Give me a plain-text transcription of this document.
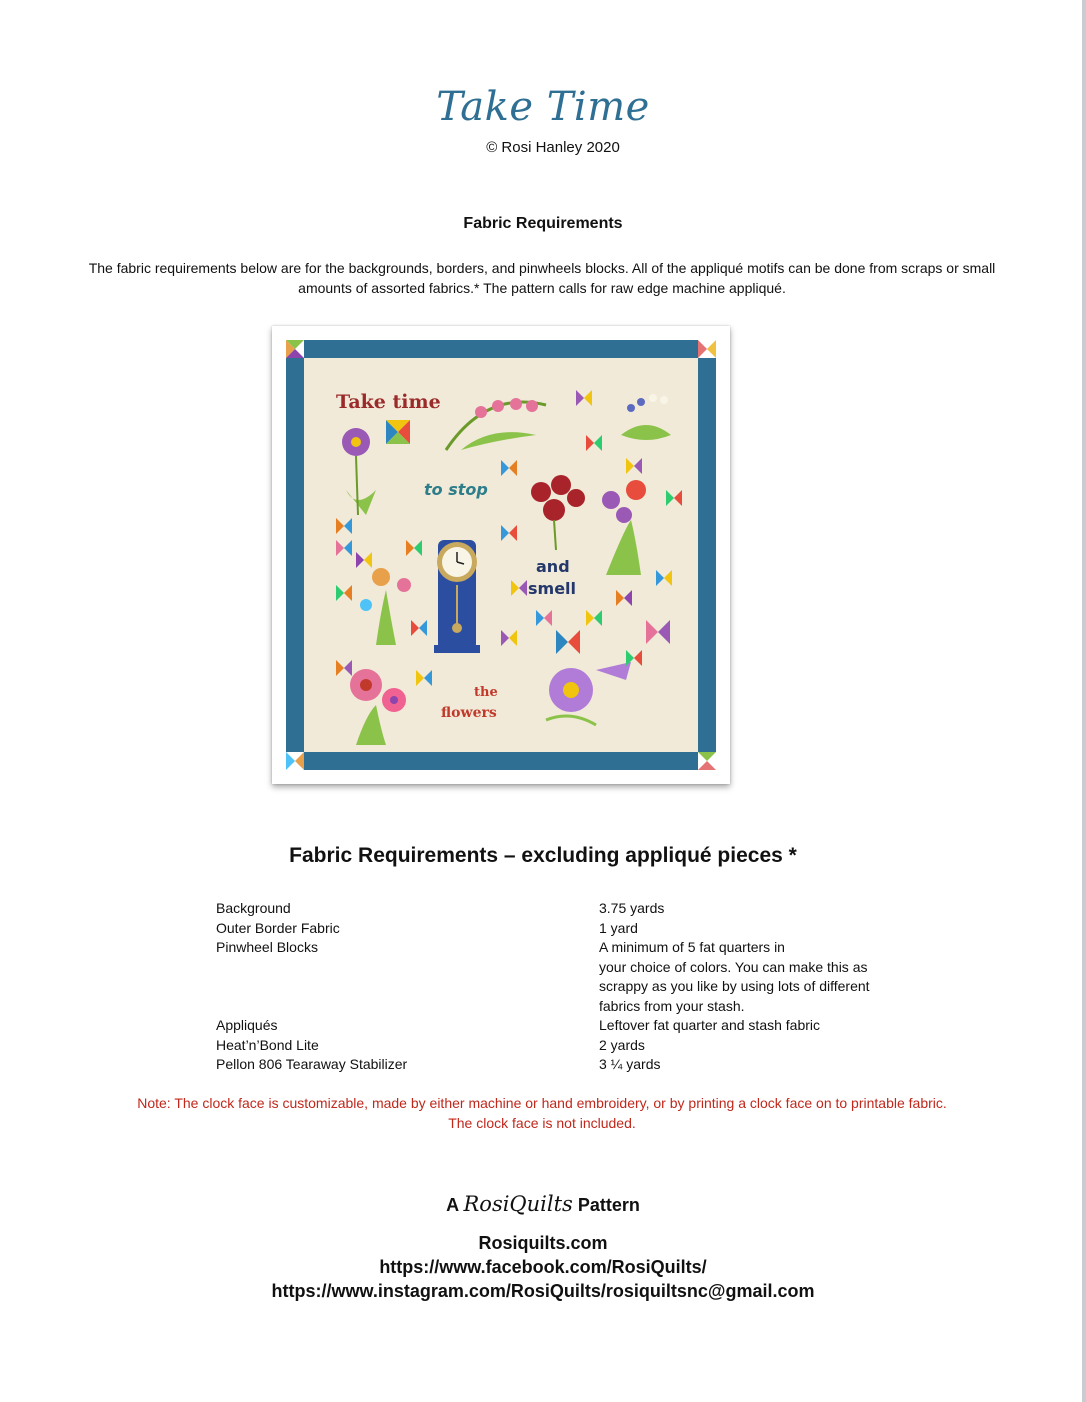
Take Time
© Rosi Hanley 2020
Fabric Requirements
The fabric requirements below are for the backgrounds, borders, and pinwheels blocks. All of the appliqué motifs can be done from scraps or small amounts of assorted fabrics.* The pattern calls for raw edge machine appliqué.
Take time
to stop
and
smell
the
flowers
Fabric Requirements – excluding appliqué pieces *
Background	3.75 yards
Outer Border Fabric	1 yard
Pinwheel Blocks	A minimum of 5 fat quarters in
your choice of colors. You can make this as
scrappy as you like by using lots of different
fabrics from your stash.
Appliqués	Leftover fat quarter and stash fabric
Heat’n’Bond Lite	2 yards
Pellon 806 Tearaway Stabilizer	3 ¼ yards
Note: The clock face is customizable, made by either machine or hand embroidery, or by printing a clock face on to printable fabric.
The clock face is not included.
A RosiQuilts Pattern
Rosiquilts.com
https://www.facebook.com/RosiQuilts/
https://www.instagram.com/RosiQuilts/rosiquiltsnc@gmail.com
